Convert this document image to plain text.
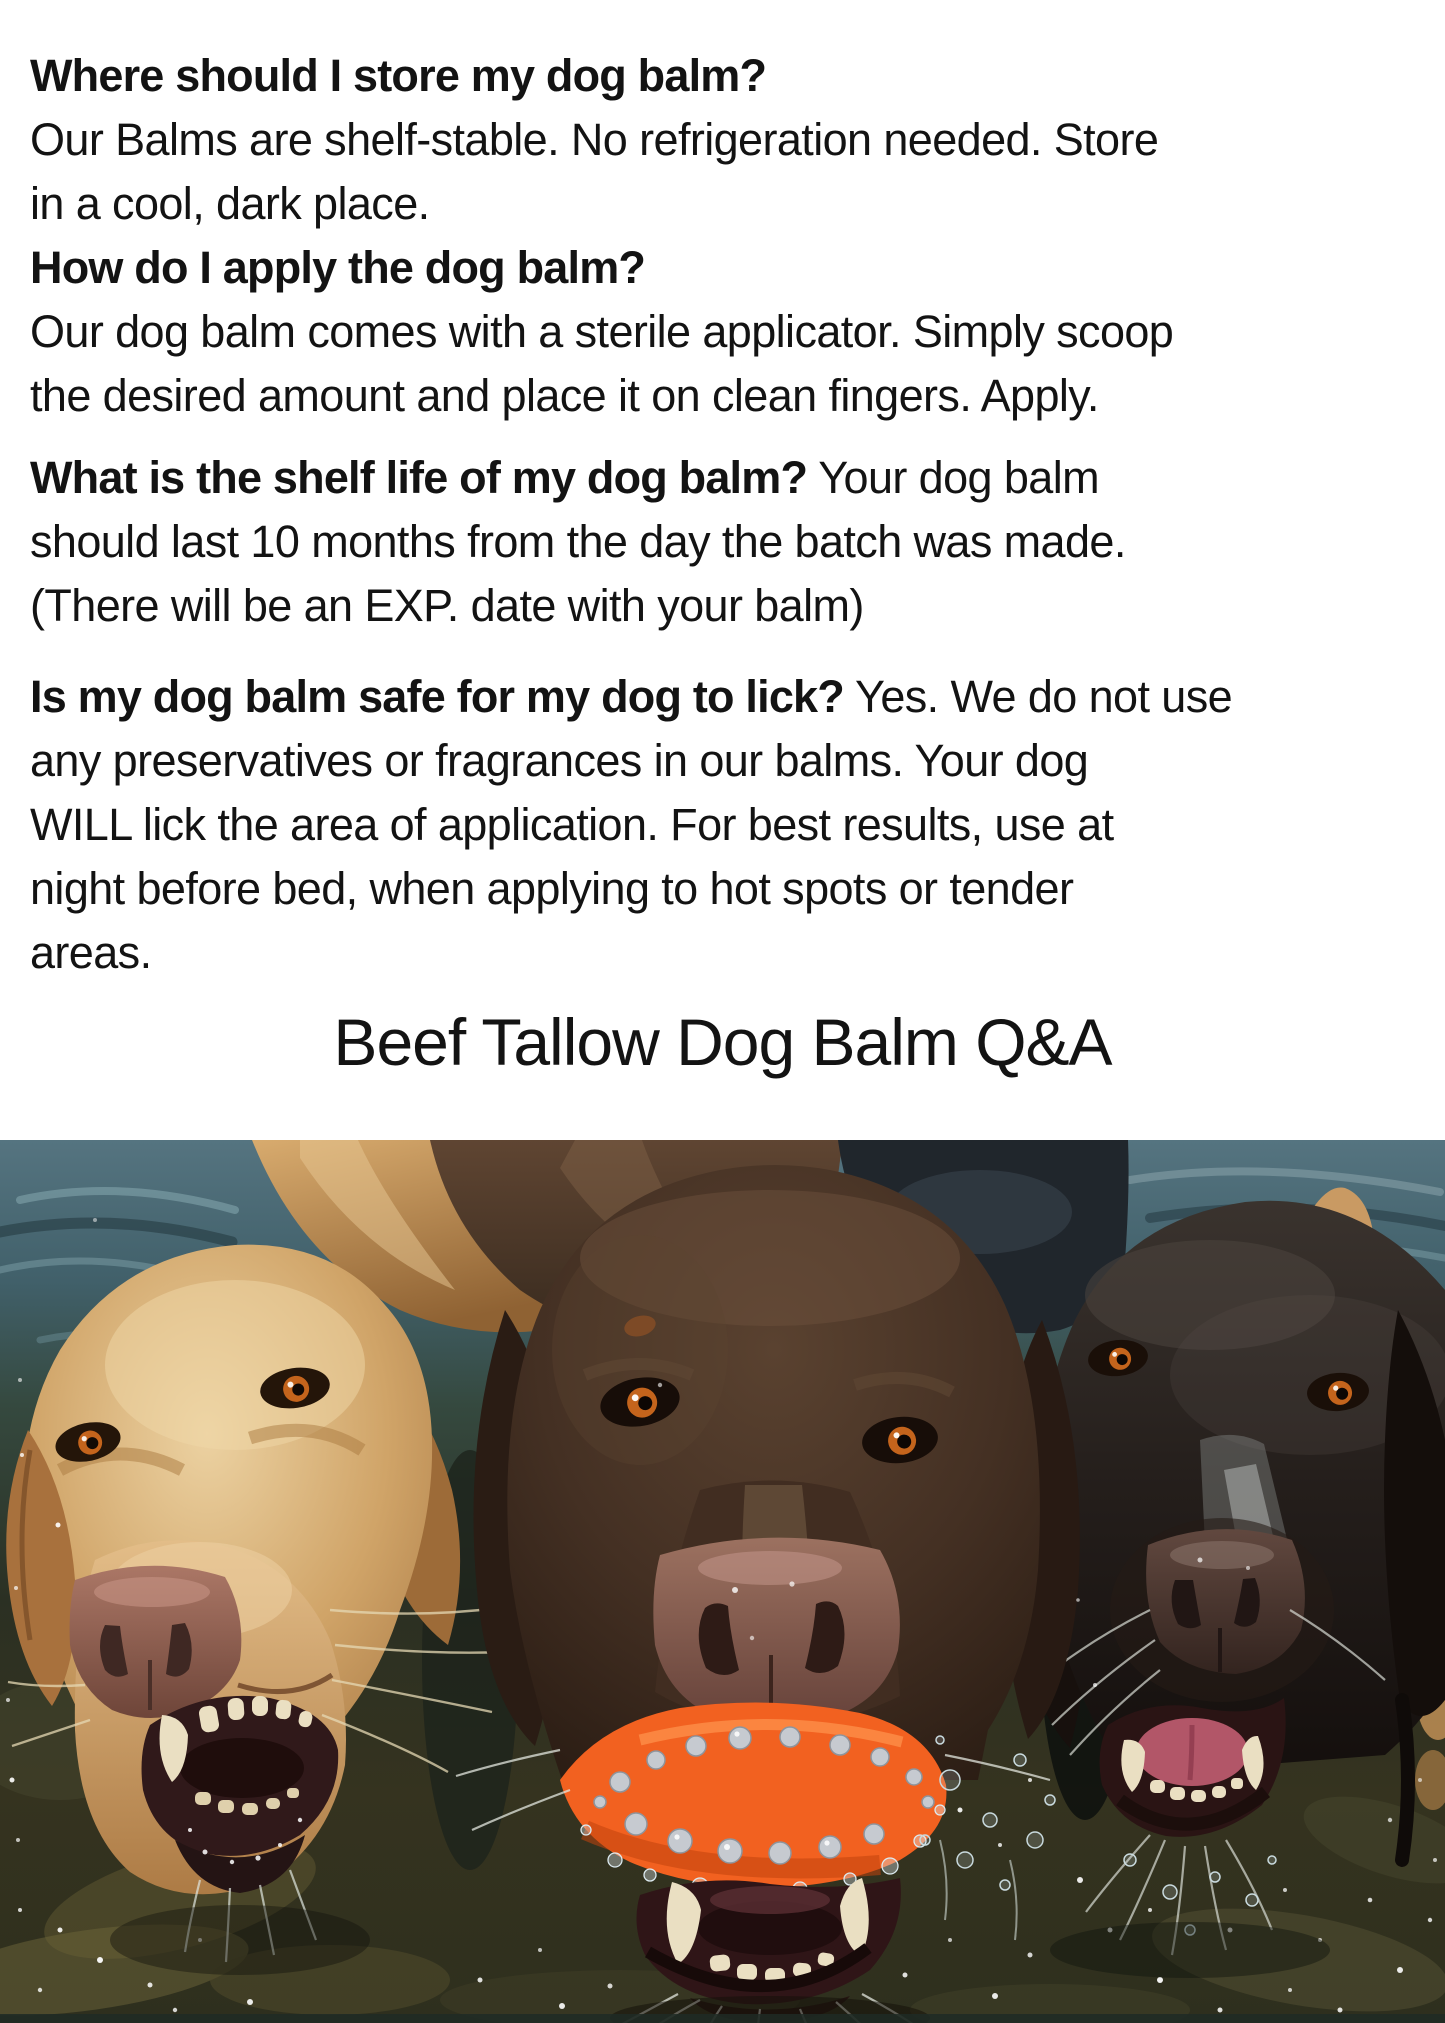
Where should I store my dog balm?
Our Balms are shelf-stable. No refrigeration needed. Store
in a cool, dark place.
How do I apply the dog balm?
Our dog balm comes with a sterile applicator. Simply scoop
the desired amount and place it on clean fingers. Apply.
What is the shelf life of my dog balm? Your dog balm
should last 10 months from the day the batch was made.
(There will be an EXP. date with your balm)
Is my dog balm safe for my dog to lick? Yes. We do not use
any preservatives or fragrances in our balms. Your dog
WILL lick the area of application. For best results, use at
night before bed, when applying to hot spots or tender
areas.
Beef Tallow Dog Balm Q&A
